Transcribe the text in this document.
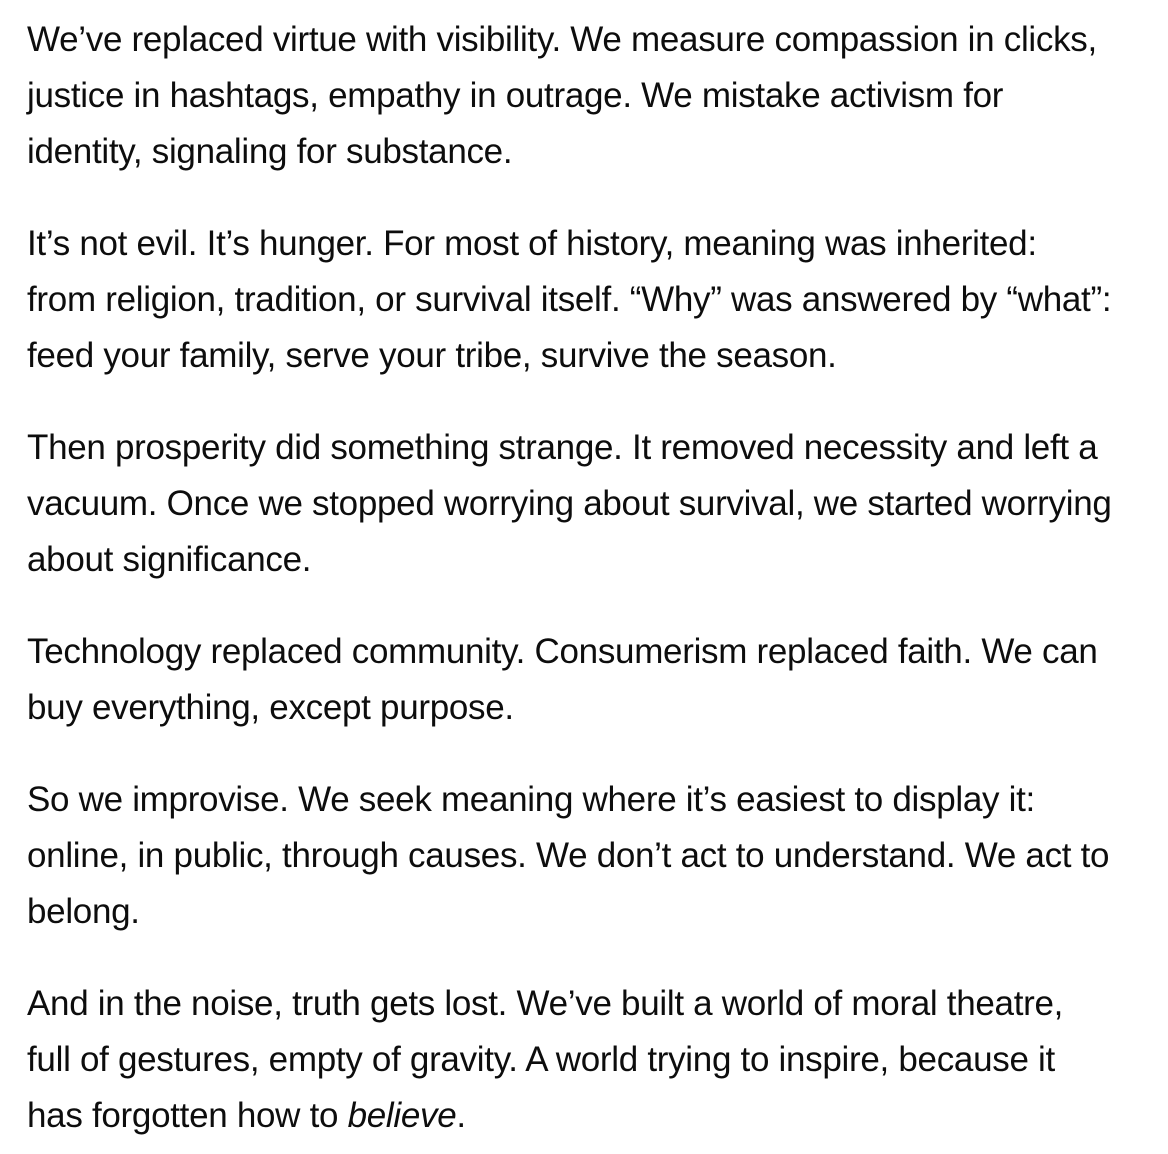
We’ve replaced virtue with visibility. We measure compassion in clicks, justice in hashtags, empathy in outrage. We mistake activism for identity, signaling for substance.

It’s not evil. It’s hunger. For most of history, meaning was inherited: from religion, tradition, or survival itself. “Why” was answered by “what”: feed your family, serve your tribe, survive the season.

Then prosperity did something strange. It removed necessity and left a vacuum. Once we stopped worrying about survival, we started worrying about significance.

Technology replaced community. Consumerism replaced faith. We can buy everything, except purpose.

So we improvise. We seek meaning where it’s easiest to display it: online, in public, through causes. We don’t act to understand. We act to belong.

And in the noise, truth gets lost. We’ve built a world of moral theatre, full of gestures, empty of gravity. A world trying to inspire, because it has forgotten how to believe.
